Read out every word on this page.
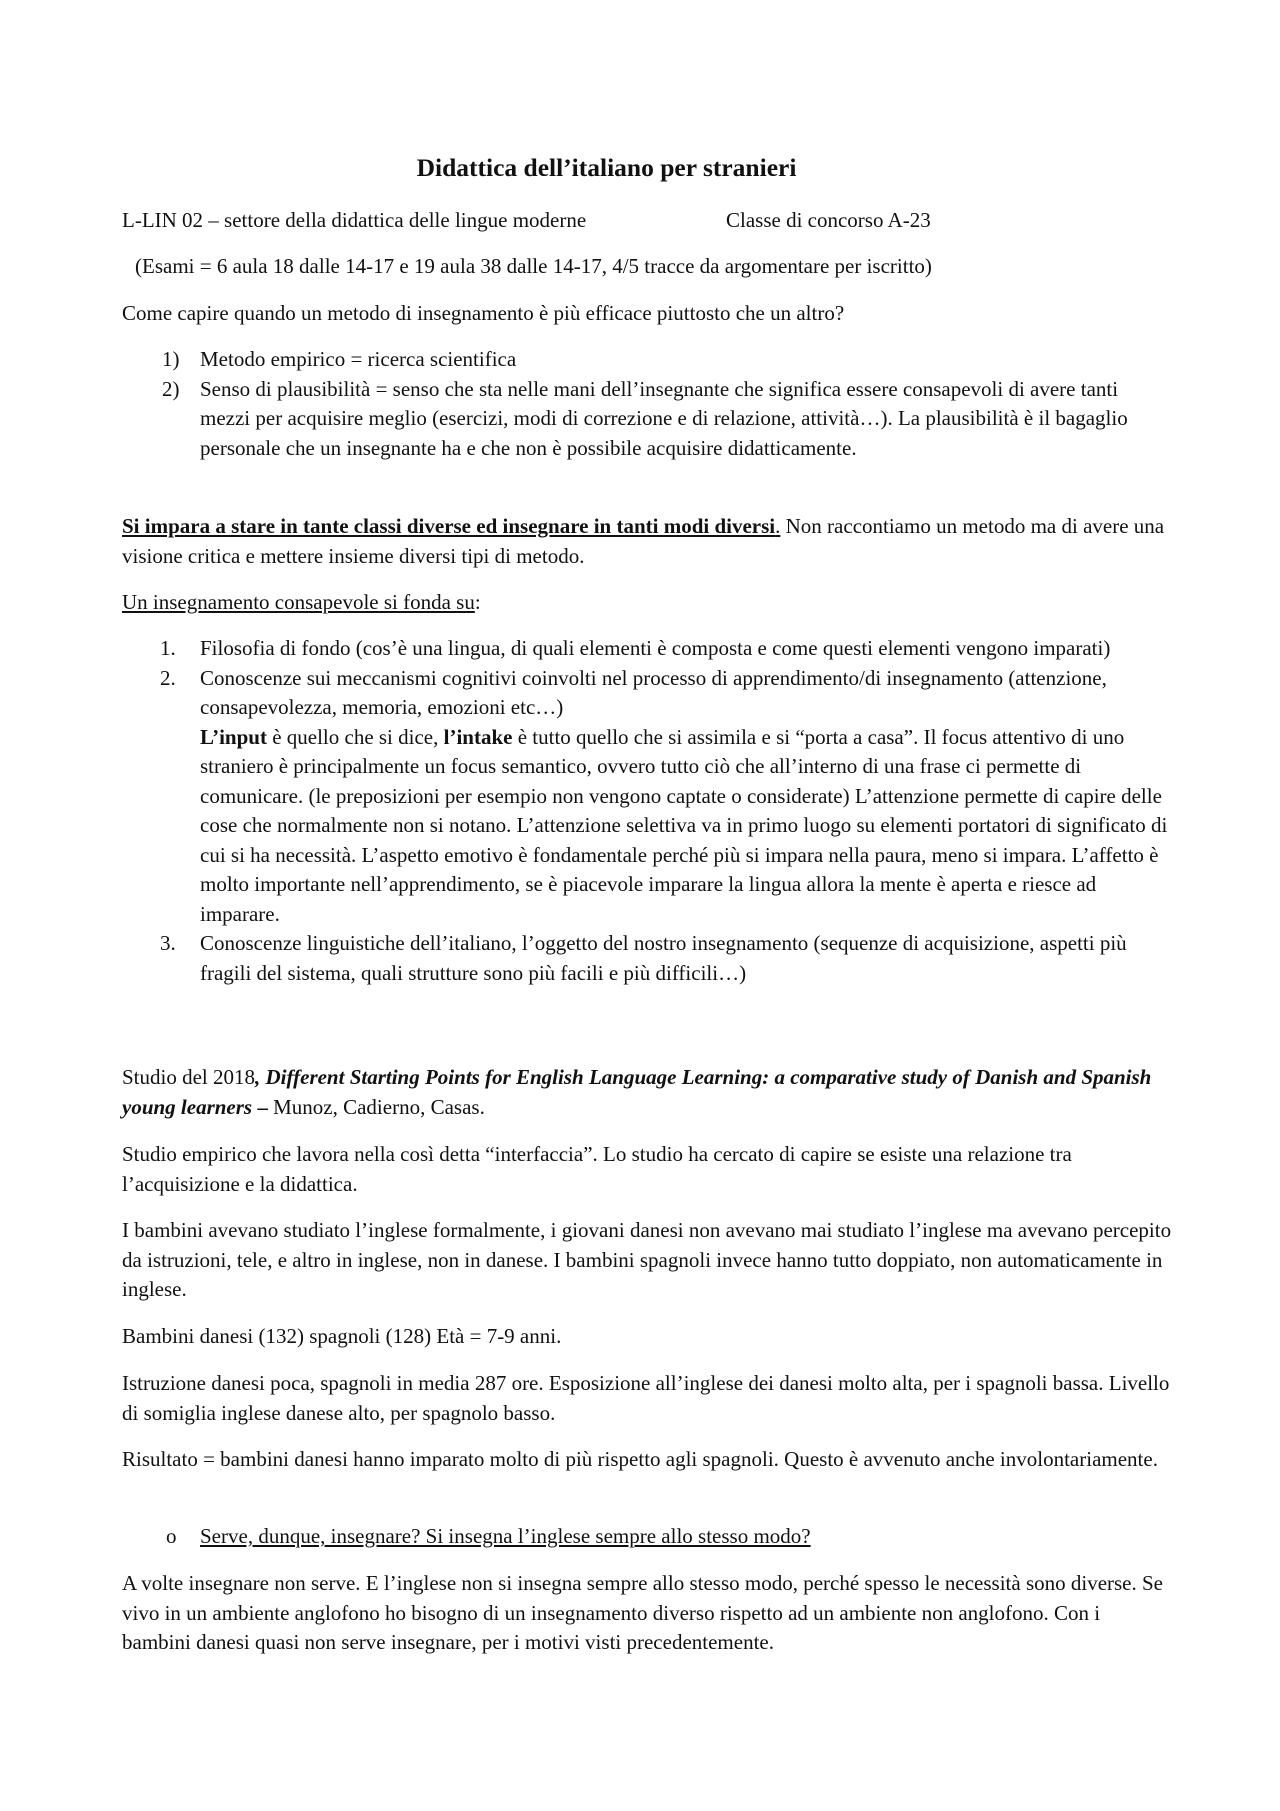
Didattica dell’italiano per stranieri
L-LIN 02 – settore della didattica delle lingue moderne	Classe di concorso A-23

(Esami = 6 aula 18 dalle 14-17 e 19 aula 38 dalle 14-17, 4/5 tracce da argomentare per iscritto)

Come capire quando un metodo di insegnamento è più efficace piuttosto che un altro?

1) Metodo empirico = ricerca scientifica
2) Senso di plausibilità = senso che sta nelle mani dell’insegnante che significa essere consapevoli di avere tanti mezzi per acquisire meglio (esercizi, modi di correzione e di relazione, attività…). La plausibilità è il bagaglio personale che un insegnante ha e che non è possibile acquisire didatticamente.

Si impara a stare in tante classi diverse ed insegnare in tanti modi diversi. Non raccontiamo un metodo ma di avere una visione critica e mettere insieme diversi tipi di metodo.

Un insegnamento consapevole si fonda su:

1. Filosofia di fondo (cos’è una lingua, di quali elementi è composta e come questi elementi vengono imparati)
2. Conoscenze sui meccanismi cognitivi coinvolti nel processo di apprendimento/di insegnamento (attenzione, consapevolezza, memoria, emozioni etc…)
L’input è quello che si dice, l’intake è tutto quello che si assimila e si “porta a casa”. Il focus attentivo di uno straniero è principalmente un focus semantico, ovvero tutto ciò che all’interno di una frase ci permette di comunicare. (le preposizioni per esempio non vengono captate o considerate) L’attenzione permette di capire delle cose che normalmente non si notano. L’attenzione selettiva va in primo luogo su elementi portatori di significato di cui si ha necessità. L’aspetto emotivo è fondamentale perché più si impara nella paura, meno si impara. L’affetto è molto importante nell’apprendimento, se è piacevole imparare la lingua allora la mente è aperta e riesce ad imparare.
3. Conoscenze linguistiche dell’italiano, l’oggetto del nostro insegnamento (sequenze di acquisizione, aspetti più fragili del sistema, quali strutture sono più facili e più difficili…)

Studio del 2018, Different Starting Points for English Language Learning: a comparative study of Danish and Spanish young learners – Munoz, Cadierno, Casas.

Studio empirico che lavora nella così detta “interfaccia”. Lo studio ha cercato di capire se esiste una relazione tra l’acquisizione e la didattica.

I bambini avevano studiato l’inglese formalmente, i giovani danesi non avevano mai studiato l’inglese ma avevano percepito da istruzioni, tele, e altro in inglese, non in danese. I bambini spagnoli invece hanno tutto doppiato, non automaticamente in inglese.

Bambini danesi (132) spagnoli (128) Età = 7-9 anni.

Istruzione danesi poca, spagnoli in media 287 ore. Esposizione all’inglese dei danesi molto alta, per i spagnoli bassa. Livello di somiglia inglese danese alto, per spagnolo basso.

Risultato = bambini danesi hanno imparato molto di più rispetto agli spagnoli. Questo è avvenuto anche involontariamente.

o Serve, dunque, insegnare? Si insegna l’inglese sempre allo stesso modo?

A volte insegnare non serve. E l’inglese non si insegna sempre allo stesso modo, perché spesso le necessità sono diverse. Se vivo in un ambiente anglofono ho bisogno di un insegnamento diverso rispetto ad un ambiente non anglofono. Con i bambini danesi quasi non serve insegnare, per i motivi visti precedentemente.
